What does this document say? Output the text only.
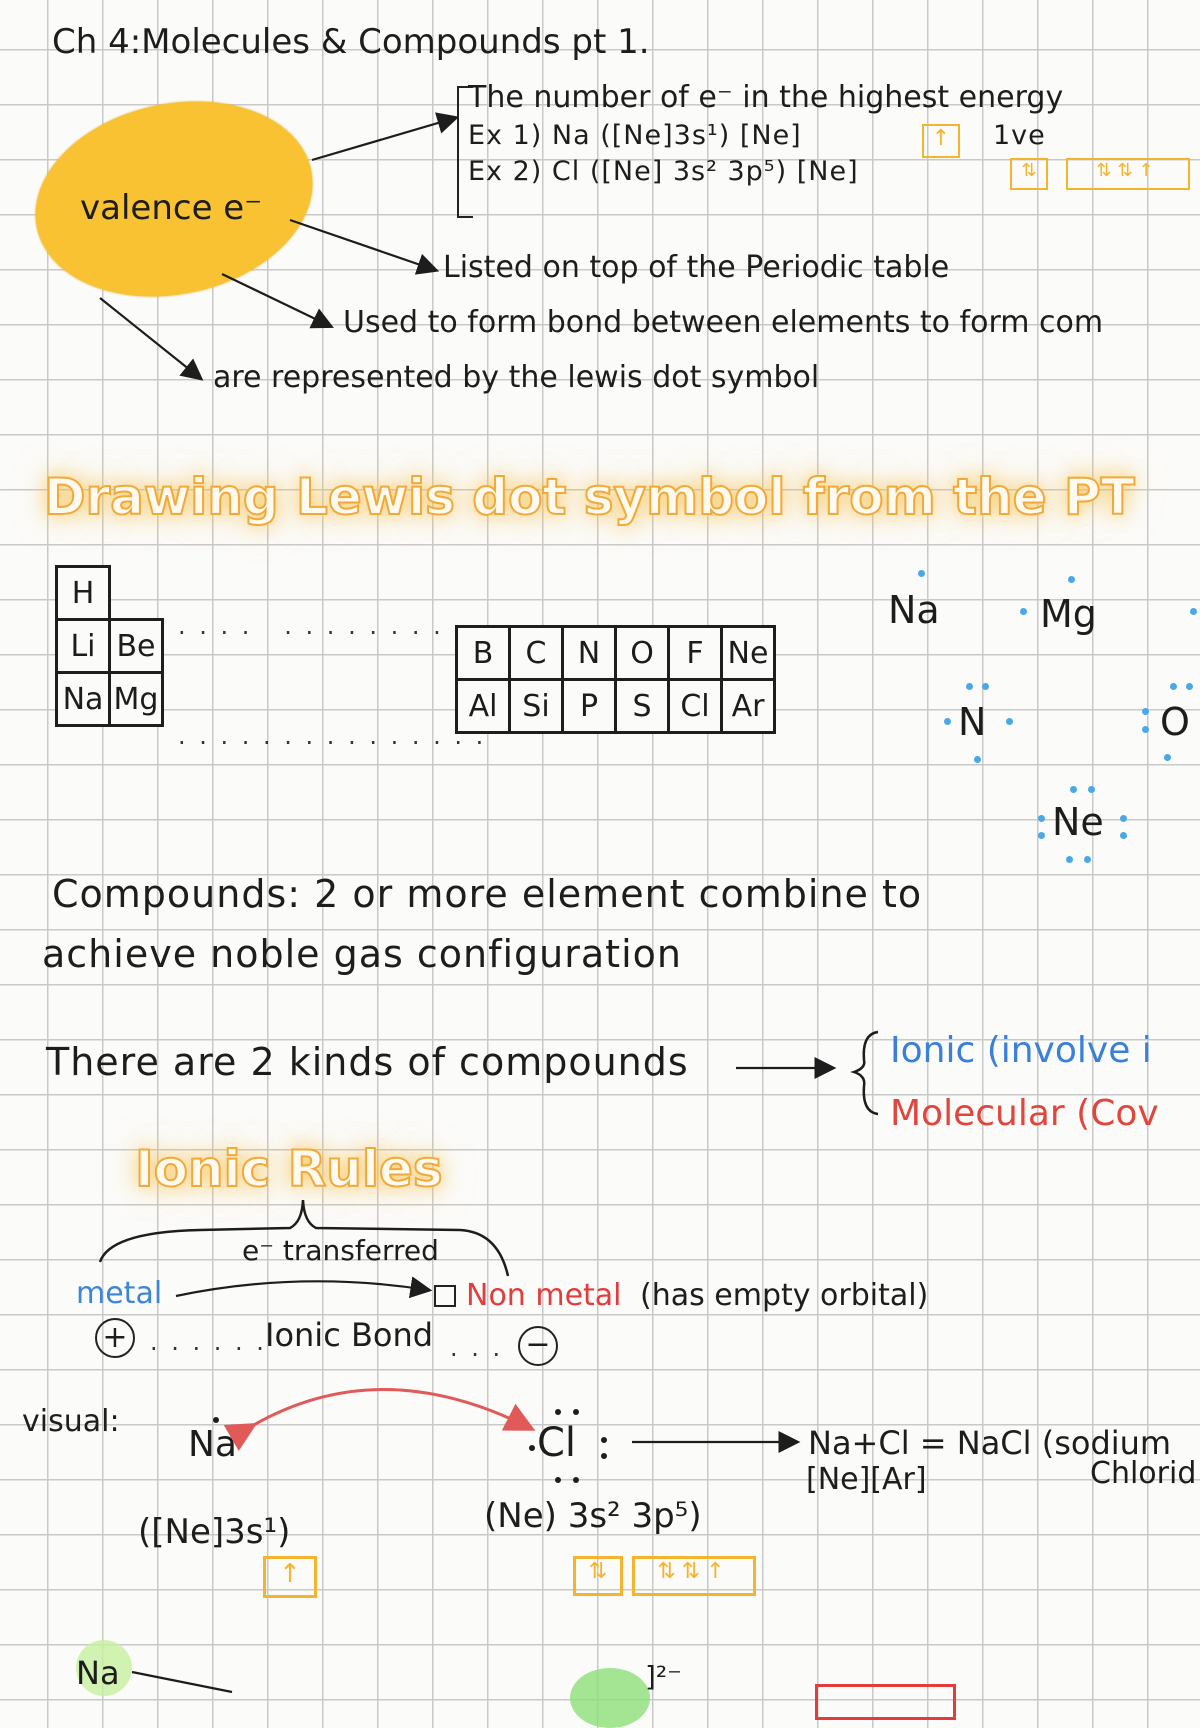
Ch 4:Molecules & Compounds pt 1.
valence e⁻
The number of e⁻ in the highest energy
Ex 1) Na ([Ne]3s¹) [Ne]	↑	1ve
Ex 2) Cl ([Ne] 3s² 3p⁵) [Ne]	⇅	⇅⇅↑
Listed on top of the Periodic table
Used to form bond between elements to form com
are represented by the lewis dot symbol
Drawing Lewis dot symbol from the PT
H	
Li	Be
Na	Mg
B	C	N	O	F	Ne
Al	Si	P	S	Cl	Ar
. . . .   . . . . . . . .
. . . . . . . . . . . . . . .
Na	Mg
N	O
Ne
Compounds: 2 or more element combine to
achieve noble gas configuration
There are 2 kinds of compounds	Ionic (involve i
Molecular (Cov
Ionic Rules
e⁻ transferred
metal	Non metal (has empty orbital)
+ . . . . . .
Ionic Bond . . . −
visual:
Na	Cl	Na+Cl = NaCl (sodium
[Ne][Ar]	Chlorid
([Ne]3s¹)	(Ne) 3s² 3p⁵)
↑	⇅	⇅⇅↑
Na	]²⁻
